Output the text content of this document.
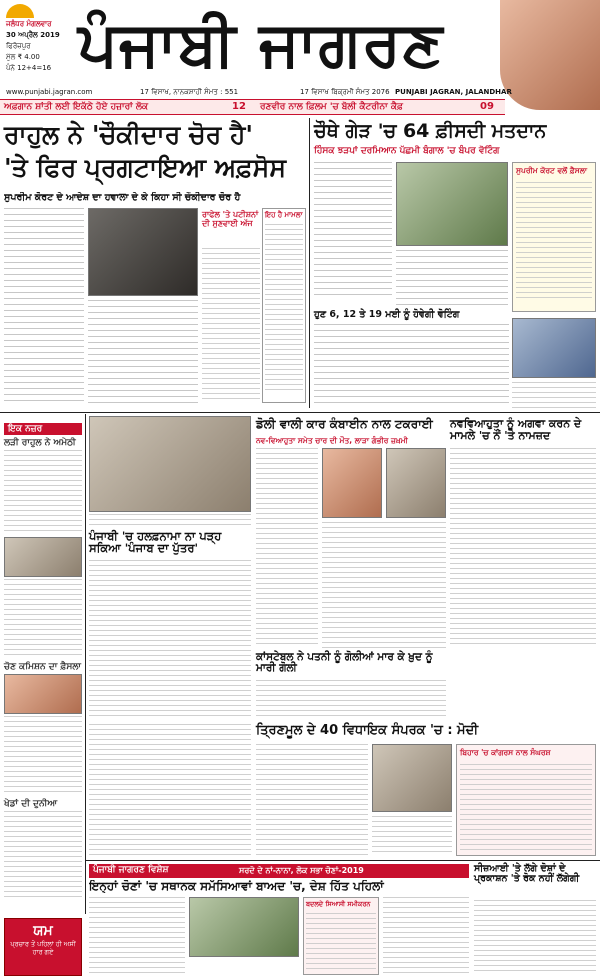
ਜਲੰਧਰ ਮੰਗਲਵਾਰ
30 ਅਪ੍ਰੈਲ 2019
ਫਿਰੋਜ਼ਪੁਰ
ਮੁੱਲ ₹ 4.00
ਪੰਨੇ 12+4=16 ਪੰਜਾਬੀ ਜਾਗਰਣ
www.punjabi.jagran.com	17 ਵਿਸਾਖ, ਨਾਨਕਸ਼ਾਹੀ ਸੰਮਤ : 551	17 ਵਿਸਾਖ ਬਿਕ੍ਰਮੀ ਸੰਮਤ 2076 PUNJABI JAGRAN, JALANDHAR
ਅਫ਼ਗਾਨ ਸ਼ਾਂਤੀ ਲਈ ਇਕੱਠੇ ਹੋਏ ਹਜ਼ਾਰਾਂ ਲੋਕ	12 ਰਣਵੀਰ ਨਾਲ ਫ਼ਿਲਮ 'ਚ ਬੋਲੀ ਕੈਟਰੀਨਾ ਕੈਫ਼	09
ਰਾਹੁਲ ਨੇ 'ਚੌਕੀਦਾਰ ਚੋਰ ਹੈ'
'ਤੇ ਫਿਰ ਪ੍ਰਗਟਾਇਆ ਅਫ਼ਸੋਸ
ਸੁਪਰੀਮ ਕੋਰਟ ਦੇ ਆਦੇਸ਼ ਦਾ ਹਵਾਲਾ ਦੇ ਕੇ ਕਿਹਾ ਸੀ ਚੌਕੀਦਾਰ ਚੋਰ ਹੈ
ਰਾਫੇਲ 'ਤੇ ਪਟੀਸ਼ਨਾਂ ਦੀ ਸੁਣਵਾਈ ਅੱਜ
ਇਹ ਹੈ ਮਾਮਲਾ
ਚੌਥੇ ਗੇੜ 'ਚ 64 ਫ਼ੀਸਦੀ ਮਤਦਾਨ
ਹਿੰਸਕ ਝੜਪਾਂ ਦਰਮਿਆਨ ਪੱਛਮੀ ਬੰਗਾਲ 'ਚ ਬੰਪਰ ਵੋਟਿੰਗ
ਸੁਪਰੀਮ ਕੋਰਟ ਵਲੋਂ ਫ਼ੈਸਲਾ
ਹੁਣ 6, 12 ਤੇ 19 ਮਈ ਨੂੰ ਹੋਵੇਗੀ ਵੋਟਿੰਗ
ਇਕ ਨਜ਼ਰ
ਲੜੀ ਰਾਹੁਲ ਨੇ ਅਮੇਠੀ
ਚੋਣ ਕਮਿਸ਼ਨ ਦਾ ਫ਼ੈਸਲਾ
ਖੇਡਾਂ ਦੀ ਦੁਨੀਆ
ਡੋਲੀ ਵਾਲੀ ਕਾਰ ਕੰਬਾਈਨ ਨਾਲ ਟਕਰਾਈ
ਨਵ-ਵਿਆਹੁਤਾ ਸਮੇਤ ਚਾਰ ਦੀ ਮੌਤ, ਲਾੜਾ ਗੰਭੀਰ ਜ਼ਖ਼ਮੀ
ਨਵਵਿਆਹੁਤਾ ਨੂੰ ਅਗਵਾ ਕਰਨ ਦੇ ਮਾਮਲੇ 'ਚ ਨੌਂ 'ਤੇ ਨਾਮਜ਼ਦ
ਪੰਜਾਬੀ 'ਚ ਹਲਫ਼ਨਾਮਾ ਨਾ ਪੜ੍ਹ ਸਕਿਆ 'ਪੰਜਾਬ ਦਾ ਪੁੱਤਰ'
ਕਾਂਸਟੇਬਲ ਨੇ ਪਤਨੀ ਨੂੰ ਗੋਲੀਆਂ ਮਾਰ ਕੇ ਖ਼ੁਦ ਨੂੰ ਮਾਰੀ ਗੋਲੀ
ਤ੍ਰਿਣਮੂਲ ਦੇ 40 ਵਿਧਾਇਕ ਸੰਪਰਕ 'ਚ : ਮੋਦੀ
ਬਿਹਾਰ 'ਚ ਕਾਂਗਰਸ ਨਾਲ ਸੰਘਰਸ਼
ਪੰਜਾਬੀ ਜਾਗਰਣ ਵਿਸ਼ੇਸ਼	ਸਰਦੋ ਦੇ ਨਾਂ-ਨਾਨਾ, ਲੋਕ ਸਭਾ ਚੋਣਾਂ-2019
ਇਨ੍ਹਾਂ ਚੋਣਾਂ 'ਚ ਸਥਾਨਕ ਸਮੱਸਿਆਵਾਂ ਬਾਅਦ 'ਚ, ਦੇਸ਼ ਹਿੱਤ ਪਹਿਲਾਂ
ਬਦਲਦੇ ਸਿਆਸੀ ਸਮੀਕਰਨ
ਸੀਜ਼ਆਈ 'ਤੇ ਲੱਗੇ ਦੋਸ਼ਾਂ ਦੇ ਪ੍ਰਕਾਸ਼ਨ 'ਤੇ ਰੋਕ ਨਹੀਂ ਲੱਗੇਗੀ
ਯਮ
ਪ੍ਰਚਾਰ ਤੋਂ ਪਹਿਲਾਂ ਹੀ ਅਸੀਂ ਹਾਰ ਗਏ
